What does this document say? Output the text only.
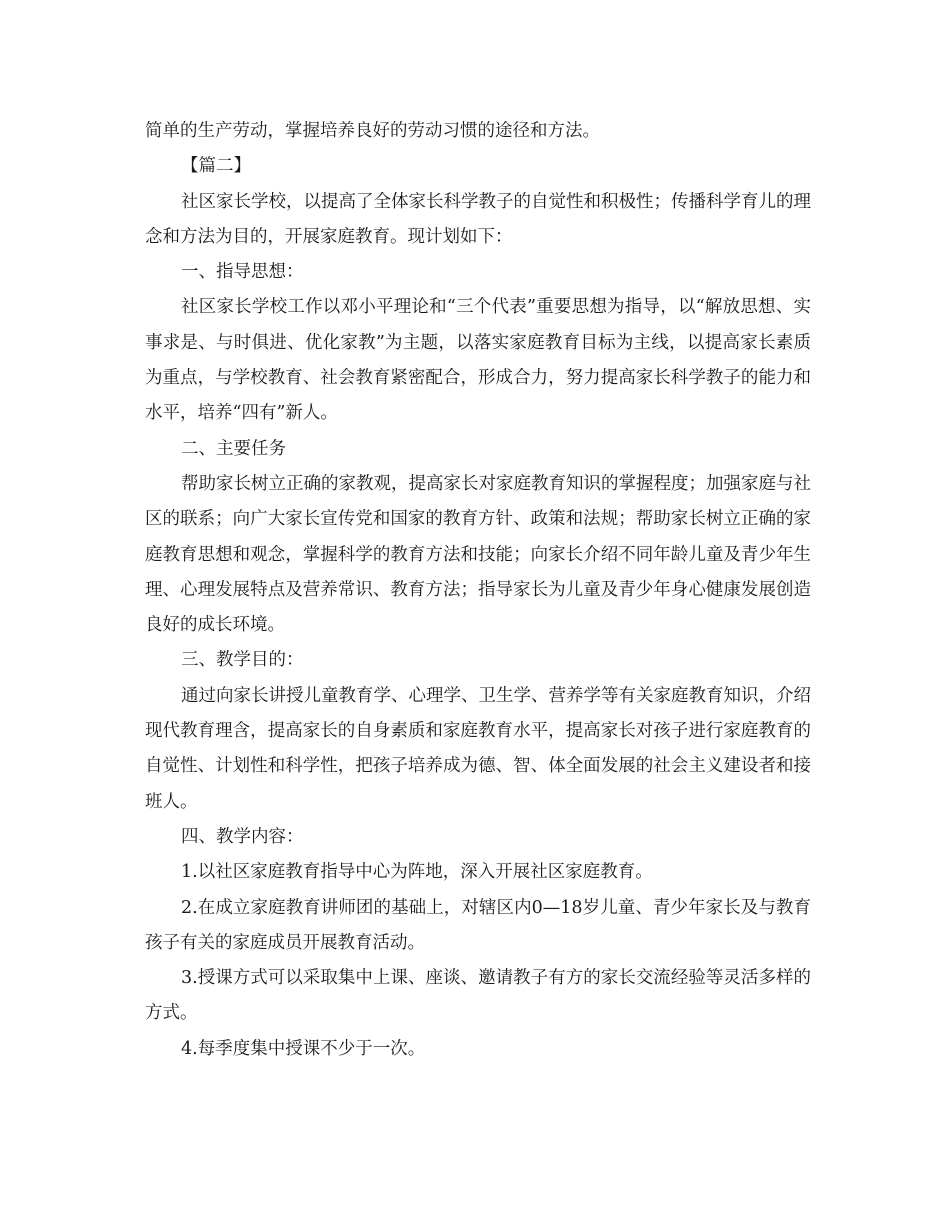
简单的生产劳动，掌握培养良好的劳动习惯的途径和方法。

【篇二】

社区家长学校，以提高了全体家长科学教子的自觉性和积极性；传播科学育儿的理念和方法为目的，开展家庭教育。现计划如下：

一、指导思想：

社区家长学校工作以邓小平理论和“三个代表”重要思想为指导，以“解放思想、实事求是、与时俱进、优化家教”为主题，以落实家庭教育目标为主线，以提高家长素质为重点，与学校教育、社会教育紧密配合，形成合力，努力提高家长科学教子的能力和水平，培养“四有”新人。

二、主要任务

帮助家长树立正确的家教观，提高家长对家庭教育知识的掌握程度；加强家庭与社区的联系；向广大家长宣传党和国家的教育方针、政策和法规；帮助家长树立正确的家庭教育思想和观念，掌握科学的教育方法和技能；向家长介绍不同年龄儿童及青少年生理、心理发展特点及营养常识、教育方法；指导家长为儿童及青少年身心健康发展创造良好的成长环境。

三、教学目的：

通过向家长讲授儿童教育学、心理学、卫生学、营养学等有关家庭教育知识，介绍现代教育理含，提高家长的自身素质和家庭教育水平，提高家长对孩子进行家庭教育的自觉性、计划性和科学性，把孩子培养成为德、智、体全面发展的社会主义建设者和接班人。

四、教学内容：

1.以社区家庭教育指导中心为阵地，深入开展社区家庭教育。

2.在成立家庭教育讲师团的基础上，对辖区内0—18岁儿童、青少年家长及与教育孩子有关的家庭成员开展教育活动。

3.授课方式可以采取集中上课、座谈、邀请教子有方的家长交流经验等灵活多样的方式。

4.每季度集中授课不少于一次。
